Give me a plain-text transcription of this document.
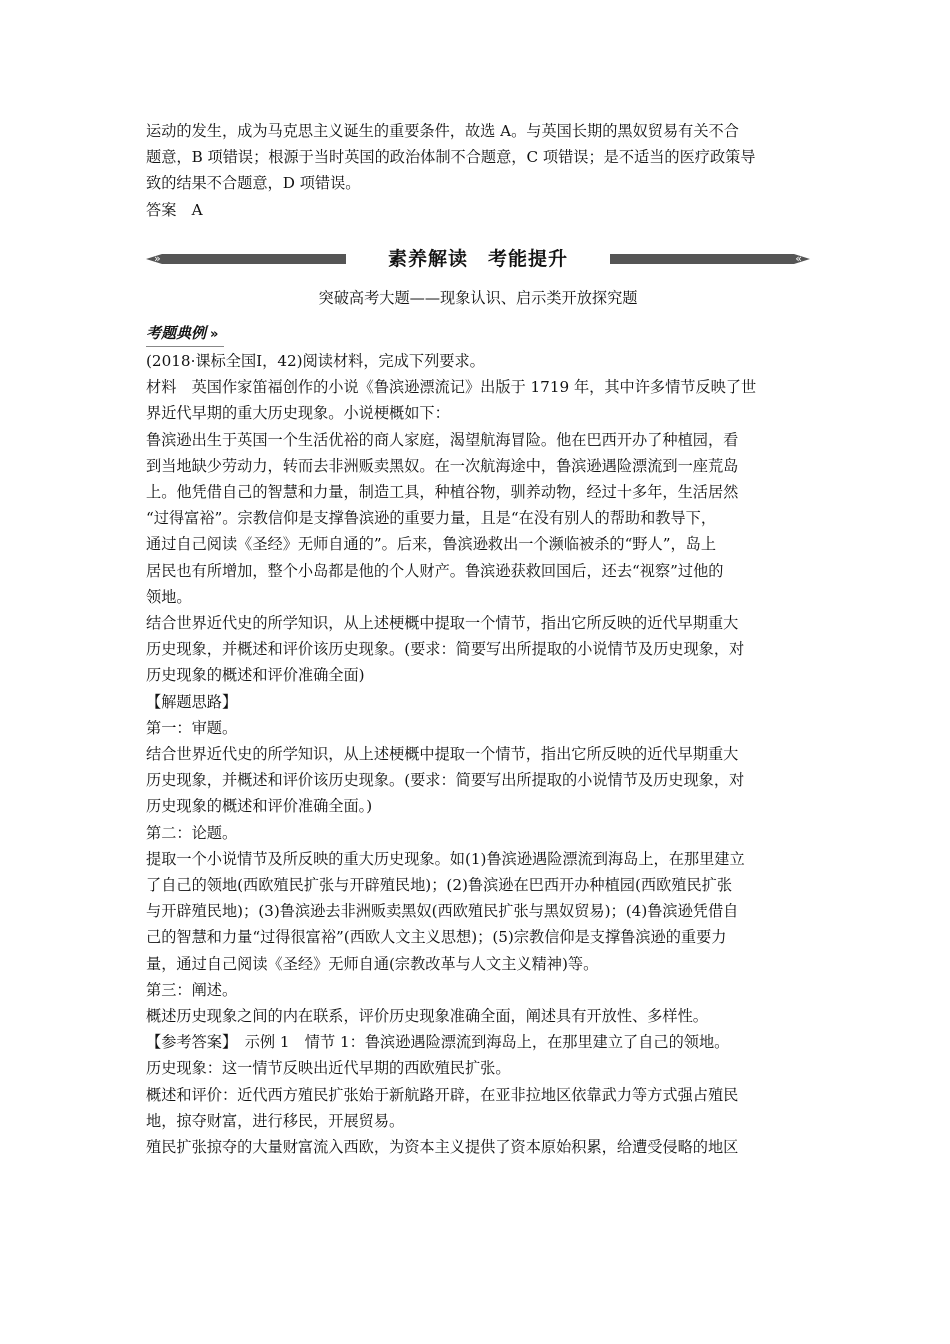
运动的发生，成为马克思主义诞生的重要条件，故选 A。与英国长期的黑奴贸易有关不合

题意，B 项错误；根源于当时英国的政治体制不合题意，C 项错误；是不适当的医疗政策导

致的结果不合题意，D 项错误。

答案　A

»	«
素养解读　考能提升
突破高考大题——现象认识、启示类开放探究题
考题典例 »

(2018·课标全国Ⅰ，42)阅读材料，完成下列要求。

材料　英国作家笛福创作的小说《鲁滨逊漂流记》出版于 1719 年，其中许多情节反映了世

界近代早期的重大历史现象。小说梗概如下：

鲁滨逊出生于英国一个生活优裕的商人家庭，渴望航海冒险。他在巴西开办了种植园，看

到当地缺少劳动力，转而去非洲贩卖黑奴。在一次航海途中，鲁滨逊遇险漂流到一座荒岛

上。他凭借自己的智慧和力量，制造工具，种植谷物，驯养动物，经过十多年，生活居然

“过得富裕”。宗教信仰是支撑鲁滨逊的重要力量，且是“在没有别人的帮助和教导下，

通过自己阅读《圣经》无师自通的”。后来，鲁滨逊救出一个濒临被杀的“野人”，岛上

居民也有所增加，整个小岛都是他的个人财产。鲁滨逊获救回国后，还去“视察”过他的

领地。

结合世界近代史的所学知识，从上述梗概中提取一个情节，指出它所反映的近代早期重大

历史现象，并概述和评价该历史现象。(要求：简要写出所提取的小说情节及历史现象，对

历史现象的概述和评价准确全面)

【解题思路】

第一：审题。

结合世界近代史的所学知识，从上述梗概中提取一个情节，指出它所反映的近代早期重大

历史现象，并概述和评价该历史现象。(要求：简要写出所提取的小说情节及历史现象，对

历史现象的概述和评价准确全面。)

第二：论题。

提取一个小说情节及所反映的重大历史现象。如(1)鲁滨逊遇险漂流到海岛上，在那里建立

了自己的领地(西欧殖民扩张与开辟殖民地)；(2)鲁滨逊在巴西开办种植园(西欧殖民扩张

与开辟殖民地)；(3)鲁滨逊去非洲贩卖黑奴(西欧殖民扩张与黑奴贸易)；(4)鲁滨逊凭借自

己的智慧和力量“过得很富裕”(西欧人文主义思想)；(5)宗教信仰是支撑鲁滨逊的重要力

量，通过自己阅读《圣经》无师自通(宗教改革与人文主义精神)等。

第三：阐述。

概述历史现象之间的内在联系，评价历史现象准确全面，阐述具有开放性、多样性。

【参考答案】　示例 1　情节 1：鲁滨逊遇险漂流到海岛上，在那里建立了自己的领地。

历史现象：这一情节反映出近代早期的西欧殖民扩张。

概述和评价：近代西方殖民扩张始于新航路开辟，在亚非拉地区依靠武力等方式强占殖民

地，掠夺财富，进行移民，开展贸易。

殖民扩张掠夺的大量财富流入西欧，为资本主义提供了资本原始积累，给遭受侵略的地区
